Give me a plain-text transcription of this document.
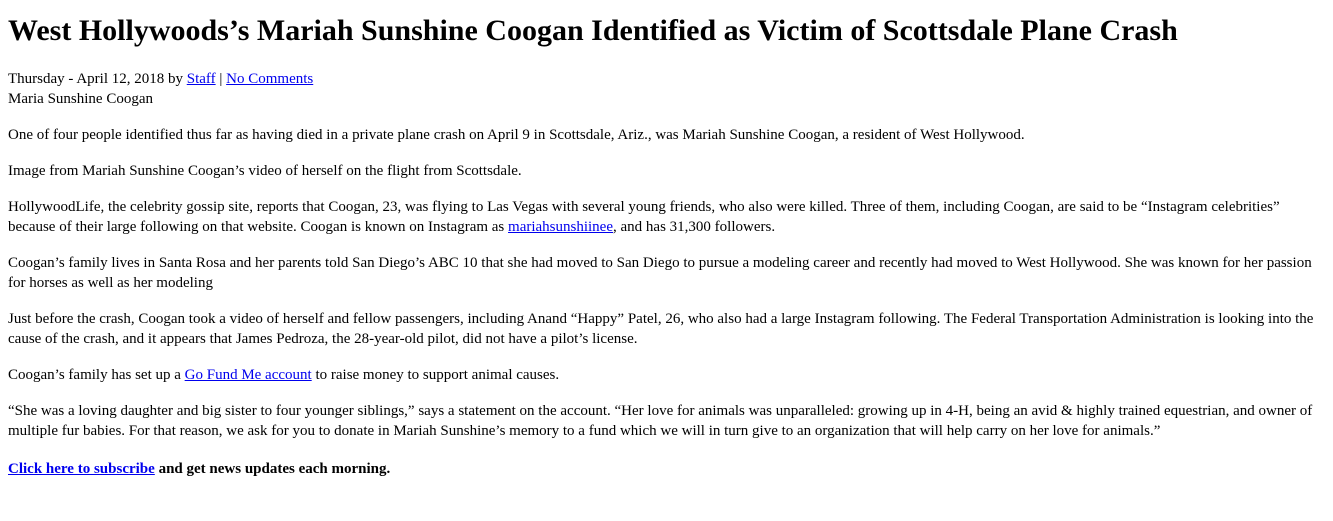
West Hollywoods’s Mariah Sunshine Coogan Identified as Victim of Scottsdale Plane Crash
Thursday - April 12, 2018 by Staff | No Comments
Maria Sunshine Coogan

One of four people identified thus far as having died in a private plane crash on April 9 in Scottsdale, Ariz., was Mariah Sunshine Coogan, a resident of West Hollywood.

Image from Mariah Sunshine Coogan’s video of herself on the flight from Scottsdale.

HollywoodLife, the celebrity gossip site, reports that Coogan, 23, was flying to Las Vegas with several young friends, who also were killed. Three of them, including Coogan, are said to be “Instagram celebrities” because of their large following on that website. Coogan is known on Instagram as mariahsunshiinee, and has 31,300 followers.

Coogan’s family lives in Santa Rosa and her parents told San Diego’s ABC 10 that she had moved to San Diego to pursue a modeling career and recently had moved to West Hollywood. She was known for her passion for horses as well as her modeling

Just before the crash, Coogan took a video of herself and fellow passengers, including Anand “Happy” Patel, 26, who also had a large Instagram following. The Federal Transportation Administration is looking into the cause of the crash, and it appears that James Pedroza, the 28-year-old pilot, did not have a pilot’s license.

Coogan’s family has set up a Go Fund Me account to raise money to support animal causes.

“She was a loving daughter and big sister to four younger siblings,” says a statement on the account. “Her love for animals was unparalleled: growing up in 4-H, being an avid & highly trained equestrian, and owner of multiple fur babies. For that reason, we ask for you to donate in Mariah Sunshine’s memory to a fund which we will in turn give to an organization that will help carry on her love for animals.”

Click here to subscribe and get news updates each morning.
